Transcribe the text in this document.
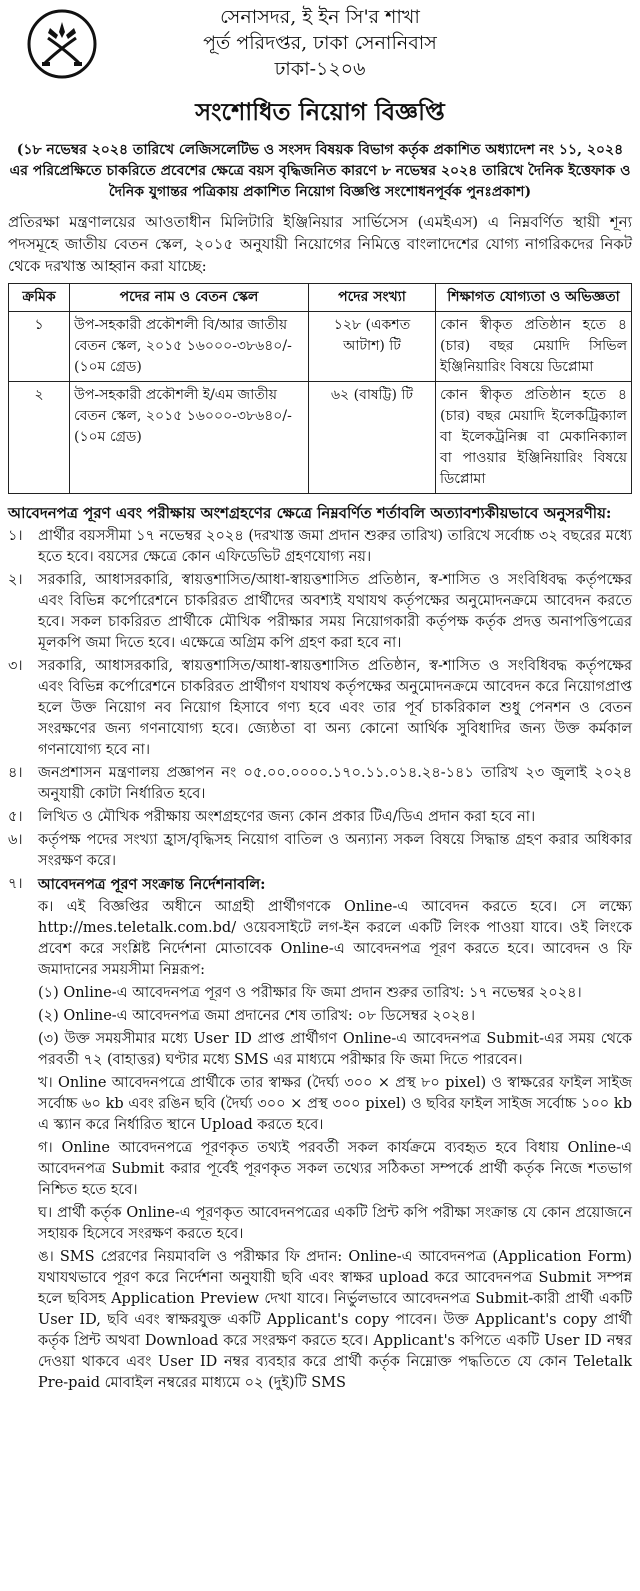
সেনাসদর, ই ইন সি'র শাখা
পূর্ত পরিদপ্তর, ঢাকা সেনানিবাস
ঢাকা-১২০৬
সংশোধিত নিয়োগ বিজ্ঞপ্তি
(১৮ নভেম্বর ২০২৪ তারিখে লেজিসলেটিভ ও সংসদ বিষয়ক বিভাগ কর্তৃক প্রকাশিত অধ্যাদেশ নং ১১, ২০২৪ এর পরিপ্রেক্ষিতে চাকরিতে প্রবেশের ক্ষেত্রে বয়স বৃদ্ধিজনিত কারণে ৮ নভেম্বর ২০২৪ তারিখে দৈনিক ইত্তেফাক ও দৈনিক যুগান্তর পত্রিকায় প্রকাশিত নিয়োগ বিজ্ঞপ্তি সংশোধনপূর্বক পুনঃপ্রকাশ)
প্রতিরক্ষা মন্ত্রণালয়ের আওতাধীন মিলিটারি ইঞ্জিনিয়ার সার্ভিসেস (এমইএস) এ নিম্নবর্ণিত স্থায়ী শূন্য পদসমূহে জাতীয় বেতন স্কেল, ২০১৫ অনুযায়ী নিয়োগের নিমিত্তে বাংলাদেশের যোগ্য নাগরিকদের নিকট থেকে দরখাস্ত আহ্বান করা যাচ্ছে:
ক্রমিক	পদের নাম ও বেতন স্কেল	পদের সংখ্যা	শিক্ষাগত যোগ্যতা ও অভিজ্ঞতা
১	উপ-সহকারী প্রকৌশলী বি/আর জাতীয় বেতন স্কেল, ২০১৫ ১৬০০০-৩৮৬৪০/- (১০ম গ্রেড)	১২৮ (একশত আটাশ) টি	কোন স্বীকৃত প্রতিষ্ঠান হতে ৪ (চার) বছর মেয়াদি সিভিল ইঞ্জিনিয়ারিং বিষয়ে ডিপ্লোমা
২	উপ-সহকারী প্রকৌশলী ই/এম জাতীয় বেতন স্কেল, ২০১৫ ১৬০০০-৩৮৬৪০/- (১০ম গ্রেড)	৬২ (বাষট্টি) টি	কোন স্বীকৃত প্রতিষ্ঠান হতে ৪ (চার) বছর মেয়াদি ইলেকট্রিক্যাল বা ইলেকট্রনিক্স বা মেকানিক্যাল বা পাওয়ার ইঞ্জিনিয়ারিং বিষয়ে ডিপ্লোমা
আবেদনপত্র পূরণ এবং পরীক্ষায় অংশগ্রহণের ক্ষেত্রে নিম্নবর্ণিত শর্তাবলি অত্যাবশ্যকীয়ভাবে অনুসরণীয়:
১।	প্রার্থীর বয়সসীমা ১৭ নভেম্বর ২০২৪ (দরখাস্ত জমা প্রদান শুরুর তারিখ) তারিখে সর্বোচ্চ ৩২ বছরের মধ্যে হতে হবে। বয়সের ক্ষেত্রে কোন এফিডেভিট গ্রহণযোগ্য নয়।
২।	সরকারি, আধাসরকারি, স্বায়ত্তশাসিত/আধা-স্বায়ত্তশাসিত প্রতিষ্ঠান, স্ব-শাসিত ও সংবিধিবদ্ধ কর্তৃপক্ষের এবং বিভিন্ন কর্পোরেশনে চাকরিরত প্রার্থীদের অবশ্যই যথাযথ কর্তৃপক্ষের অনুমোদনক্রমে আবেদন করতে হবে। সকল চাকরিরত প্রার্থীকে মৌখিক পরীক্ষার সময় নিয়োগকারী কর্তৃপক্ষ কর্তৃক প্রদত্ত অনাপত্তিপত্রের মূলকপি জমা দিতে হবে। এক্ষেত্রে অগ্রিম কপি গ্রহণ করা হবে না।
৩।	সরকারি, আধাসরকারি, স্বায়ত্তশাসিত/আধা-স্বায়ত্তশাসিত প্রতিষ্ঠান, স্ব-শাসিত ও সংবিধিবদ্ধ কর্তৃপক্ষের এবং বিভিন্ন কর্পোরেশনে চাকরিরত প্রার্থীগণ যথাযথ কর্তৃপক্ষের অনুমোদনক্রমে আবেদন করে নিয়োগপ্রাপ্ত হলে উক্ত নিয়োগ নব নিয়োগ হিসাবে গণ্য হবে এবং তার পূর্ব চাকরিকাল শুধু পেনশন ও বেতন সংরক্ষণের জন্য গণনাযোগ্য হবে। জ্যেষ্ঠতা বা অন্য কোনো আর্থিক সুবিধাদির জন্য উক্ত কর্মকাল গণনাযোগ্য হবে না।
৪।	জনপ্রশাসন মন্ত্রণালয় প্রজ্ঞাপন নং ০৫.০০.০০০০.১৭০.১১.০১৪.২৪-১৪১ তারিখ ২৩ জুলাই ২০২৪ অনুযায়ী কোটা নির্ধারিত হবে।
৫।	লিখিত ও মৌখিক পরীক্ষায় অংশগ্রহণের জন্য কোন প্রকার টিএ/ডিএ প্রদান করা হবে না।
৬।	কর্তৃপক্ষ পদের সংখ্যা হ্রাস/বৃদ্ধিসহ নিয়োগ বাতিল ও অন্যান্য সকল বিষয়ে সিদ্ধান্ত গ্রহণ করার অধিকার সংরক্ষণ করে।
৭।	আবেদনপত্র পূরণ সংক্রান্ত নির্দেশনাবলি:
ক। এই বিজ্ঞপ্তির অধীনে আগ্রহী প্রার্থীগণকে Online-এ আবেদন করতে হবে। সে লক্ষ্যে http://mes.teletalk.com.bd/ ওয়েবসাইটে লগ-ইন করলে একটি লিংক পাওয়া যাবে। ওই লিংকে প্রবেশ করে সংশ্লিষ্ট নির্দেশনা মোতাবেক Online-এ আবেদনপত্র পূরণ করতে হবে। আবেদন ও ফি জমাদানের সময়সীমা নিম্নরূপ:
(১) Online-এ আবেদনপত্র পূরণ ও পরীক্ষার ফি জমা প্রদান শুরুর তারিখ: ১৭ নভেম্বর ২০২৪।
(২) Online-এ আবেদনপত্র জমা প্রদানের শেষ তারিখ: ০৮ ডিসেম্বর ২০২৪।
(৩) উক্ত সময়সীমার মধ্যে User ID প্রাপ্ত প্রার্থীগণ Online-এ আবেদনপত্র Submit-এর সময় থেকে পরবর্তী ৭২ (বাহাত্তর) ঘণ্টার মধ্যে SMS এর মাধ্যমে পরীক্ষার ফি জমা দিতে পারবেন।
খ। Online আবেদনপত্রে প্রার্থীকে তার স্বাক্ষর (দৈর্ঘ্য ৩০০ × প্রস্থ ৮০ pixel) ও স্বাক্ষরের ফাইল সাইজ সর্বোচ্চ ৬০ kb এবং রঙিন ছবি (দৈর্ঘ্য ৩০০ × প্রস্থ ৩০০ pixel) ও ছবির ফাইল সাইজ সর্বোচ্চ ১০০ kb এ স্ক্যান করে নির্ধারিত স্থানে Upload করতে হবে।
গ। Online আবেদনপত্রে পূরণকৃত তথ্যই পরবর্তী সকল কার্যক্রমে ব্যবহৃত হবে বিধায় Online-এ আবেদনপত্র Submit করার পূর্বেই পূরণকৃত সকল তথ্যের সঠিকতা সম্পর্কে প্রার্থী কর্তৃক নিজে শতভাগ নিশ্চিত হতে হবে।
ঘ। প্রার্থী কর্তৃক Online-এ পূরণকৃত আবেদনপত্রের একটি প্রিন্ট কপি পরীক্ষা সংক্রান্ত যে কোন প্রয়োজনে সহায়ক হিসেবে সংরক্ষণ করতে হবে।
ঙ। SMS প্রেরণের নিয়মাবলি ও পরীক্ষার ফি প্রদান: Online-এ আবেদনপত্র (Application Form) যথাযথভাবে পূরণ করে নির্দেশনা অনুযায়ী ছবি এবং স্বাক্ষর upload করে আবেদনপত্র Submit সম্পন্ন হলে ছবিসহ Application Preview দেখা যাবে। নির্ভুলভাবে আবেদনপত্র Submit-কারী প্রার্থী একটি User ID, ছবি এবং স্বাক্ষরযুক্ত একটি Applicant's copy পাবেন। উক্ত Applicant's copy প্রার্থী কর্তৃক প্রিন্ট অথবা Download করে সংরক্ষণ করতে হবে। Applicant's কপিতে একটি User ID নম্বর দেওয়া থাকবে এবং User ID নম্বর ব্যবহার করে প্রার্থী কর্তৃক নিম্নোক্ত পদ্ধতিতে যে কোন Teletalk Pre-paid মোবাইল নম্বরের মাধ্যমে ০২ (দুই)টি SMS
